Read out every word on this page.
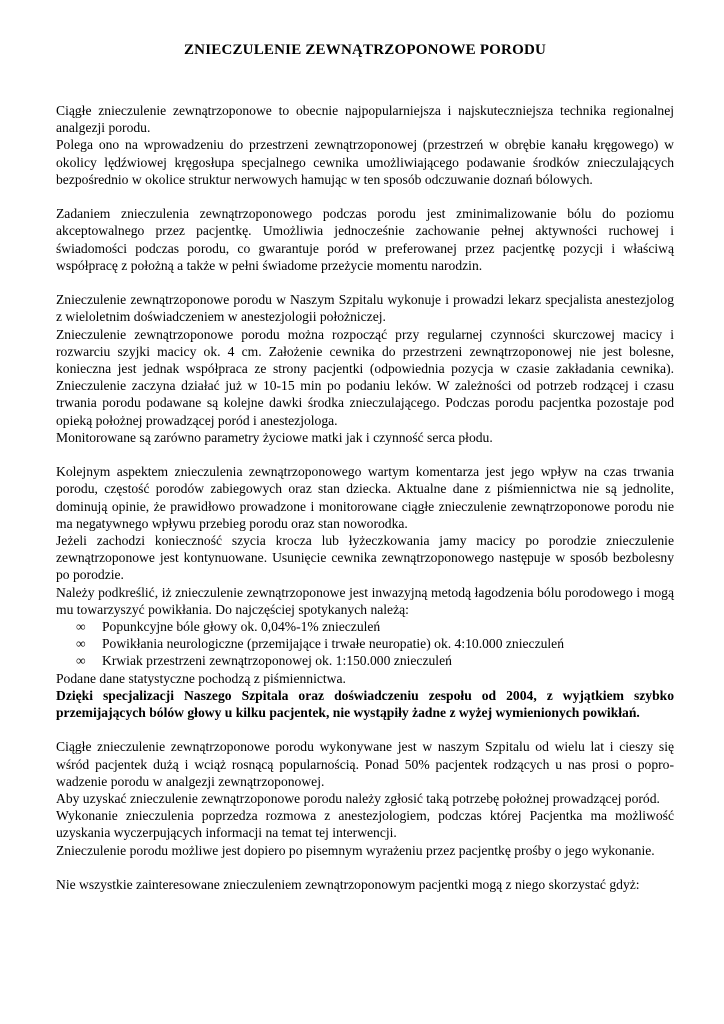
ZNIECZULENIE ZEWNĄTRZOPONOWE PORODU

Ciągłe znieczulenie zewnątrzoponowe to obecnie najpopularniejsza i najskuteczniejsza technika regionalnej analgezji porodu.

Polega ono na wprowadzeniu do przestrzeni zewnątrzoponowej (przestrzeń w obrębie kanału kręgowego) w okolicy lędźwiowej kręgosłupa specjalnego cewnika umożliwiającego podawanie środków znieczulających bezpośrednio w okolice struktur nerwowych hamując w ten sposób odczuwanie doznań bólowych.

Zadaniem znieczulenia zewnątrzoponowego podczas porodu jest zminimalizowanie bólu do poziomu akceptowalnego przez pacjentkę. Umożliwia jednocześnie zachowanie pełnej aktywności ruchowej i świadomości podczas porodu, co gwarantuje poród w preferowanej przez pacjentkę pozycji i właściwą współpracę z położną a także w pełni świadome przeżycie momentu narodzin.

Znieczulenie zewnątrzoponowe porodu w Naszym Szpitalu wykonuje i prowadzi lekarz specjalista anestezjolog z wieloletnim doświadczeniem w anestezjologii położniczej.

Znieczulenie zewnątrzoponowe porodu można rozpocząć przy regularnej czynności skurczowej macicy i rozwarciu szyjki macicy ok. 4 cm. Założenie cewnika do przestrzeni zewnątrzoponowej nie jest bolesne, konieczna jest jednak współpraca ze strony pacjentki (odpowiednia pozycja w czasie zakładania cewnika). Znieczulenie zaczyna działać już w 10-15 min po podaniu leków. W zależności od potrzeb rodzącej i czasu trwania porodu podawane są kolejne dawki środka znieczulającego. Podczas porodu pacjentka pozostaje pod opieką położnej prowadzącej poród i anestezjologa.

Monitorowane są zarówno parametry życiowe matki jak i czynność serca płodu.

Kolejnym aspektem znieczulenia zewnątrzoponowego wartym komentarza jest jego wpływ na czas trwania porodu, częstość porodów zabiegowych oraz stan dziecka. Aktualne dane z piśmiennictwa nie są jednolite, dominują opinie, że prawidłowo prowadzone i monitorowane ciągłe znieczulenie zewnątrzoponowe porodu nie ma negatywnego wpływu przebieg porodu oraz stan noworodka.

Jeżeli zachodzi konieczność szycia krocza lub łyżeczkowania jamy macicy po porodzie znieczulenie zewnątrzoponowe jest kontynuowane. Usunięcie cewnika zewnątrzoponowego następuje w sposób bezbolesny po porodzie.

Należy podkreślić, iż znieczulenie zewnątrzoponowe jest inwazyjną metodą łagodzenia bólu porodowego i mogą mu towarzyszyć powikłania. Do najczęściej spotykanych należą:

∞	Popunkcyjne bóle głowy ok. 0,04%-1% znieczuleń
∞	Powikłania neurologiczne (przemijające i trwałe neuropatie) ok. 4:10.000 znieczuleń
∞	Krwiak przestrzeni zewnątrzoponowej ok. 1:150.000 znieczuleń

Podane dane statystyczne pochodzą z piśmiennictwa.

Dzięki specjalizacji Naszego Szpitala oraz doświadczeniu zespołu od 2004, z wyjątkiem szybko przemijających bólów głowy u kilku pacjentek, nie wystąpiły żadne z wyżej wymienionych powikłań.

Ciągłe znieczulenie zewnątrzoponowe porodu wykonywane jest w naszym Szpitalu od wielu lat i cieszy się wśród pacjentek dużą i wciąż rosnącą popularnością. Ponad 50% pacjentek rodzących u nas prosi o poprowadzenie porodu w analgezji zewnątrzoponowej.

Aby uzyskać znieczulenie zewnątrzoponowe porodu należy zgłosić taką potrzebę położnej prowadzącej poród.

Wykonanie znieczulenia poprzedza rozmowa z anestezjologiem, podczas której Pacjentka ma możliwość uzyskania wyczerpujących informacji na temat tej interwencji.

Znieczulenie porodu możliwe jest dopiero po pisemnym wyrażeniu przez pacjentkę prośby o jego wykonanie.

Nie wszystkie zainteresowane znieczuleniem zewnątrzoponowym pacjentki mogą z niego skorzystać gdyż:
